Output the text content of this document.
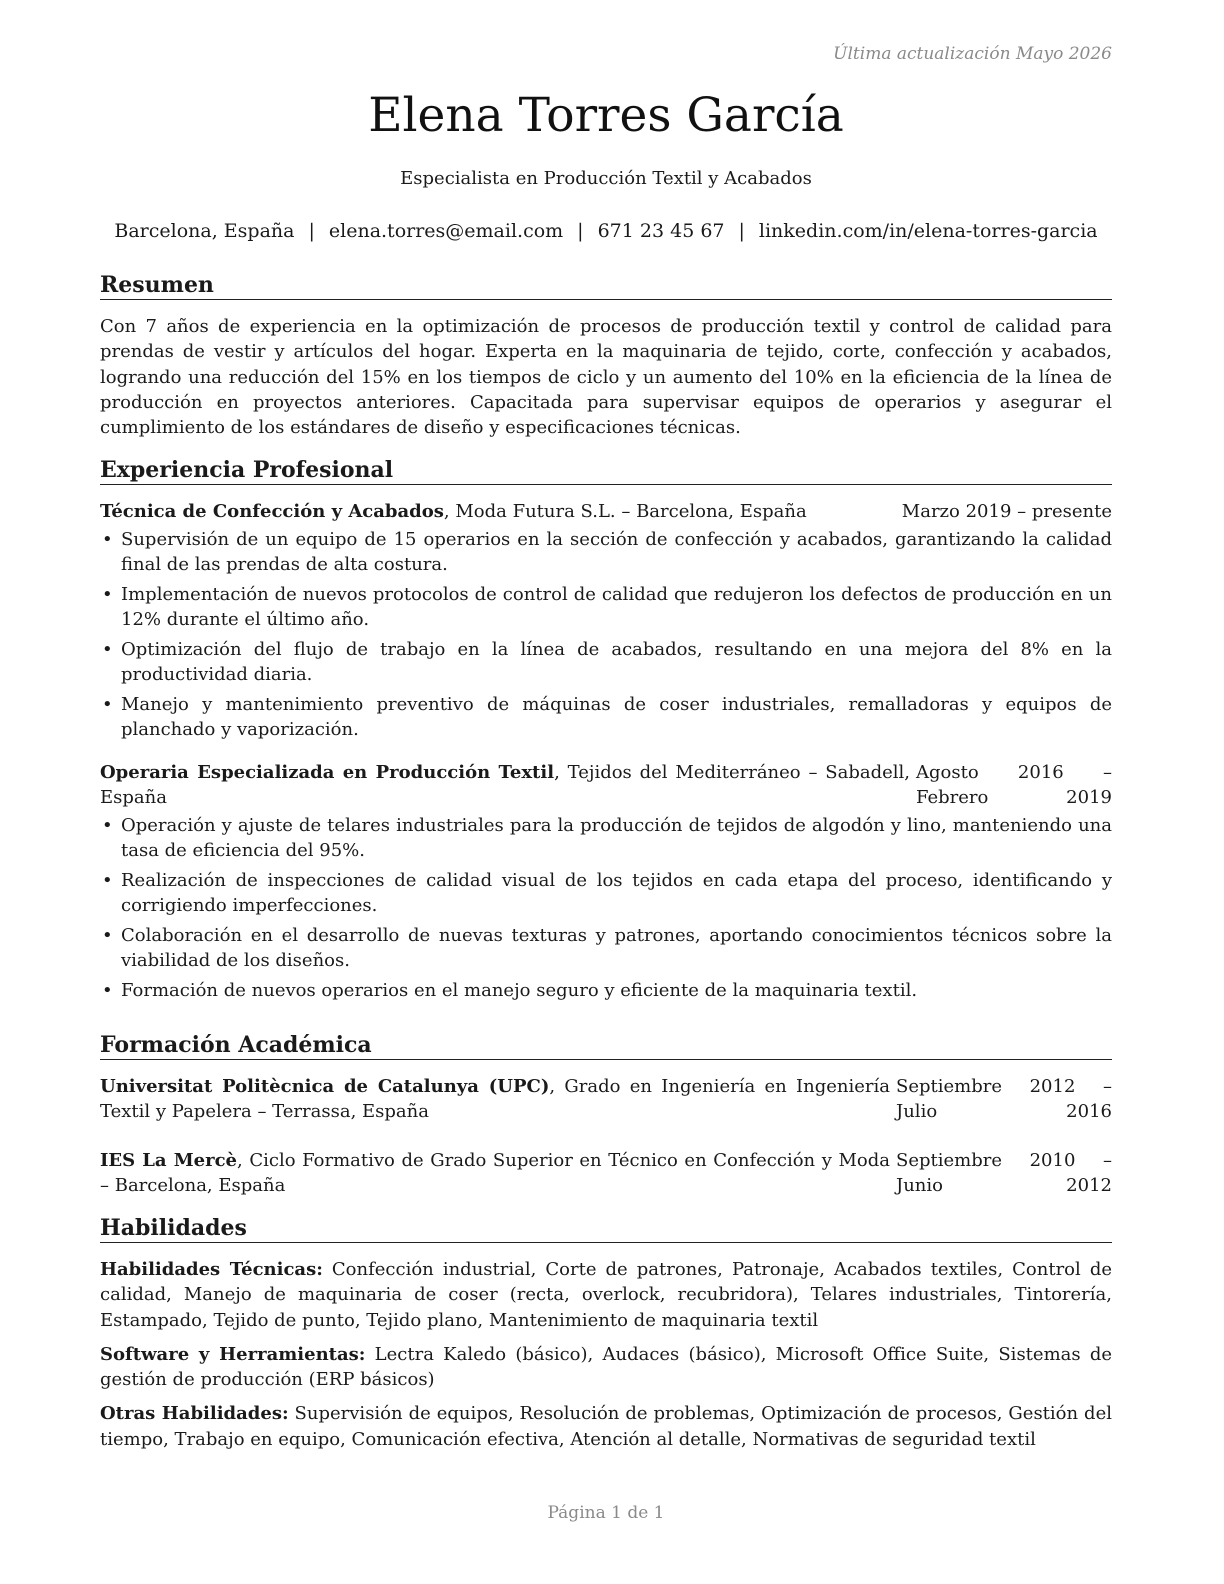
Última actualización Mayo 2026
Elena Torres García
Especialista en Producción Textil y Acabados
Barcelona, España | elena.torres@email.com | 671 23 45 67 | linkedin.com/in/elena-torres-garcia
Resumen

Con 7 años de experiencia en la optimización de procesos de producción textil y control de calidad para prendas de vestir y artículos del hogar. Experta en la maquinaria de tejido, corte, confección y acabados, logrando una reducción del 15% en los tiempos de ciclo y un aumento del 10% en la eficiencia de la línea de producción en proyectos anteriores. Capacitada para supervisar equipos de operarios y asegurar el cumplimiento de los estándares de diseño y especificaciones técnicas.

Experiencia Profesional
Marzo 2019 – presente
Técnica de Confección y Acabados, Moda Futura S.L. – Barcelona, España
• Supervisión de un equipo de 15 operarios en la sección de confección y acabados, garantizando la calidad final de las prendas de alta costura.
• Implementación de nuevos protocolos de control de calidad que redujeron los defectos de producción en un 12% durante el último año.
• Optimización del flujo de trabajo en la línea de acabados, resultando en una mejora del 8% en la productividad diaria.
• Manejo y mantenimiento preventivo de máquinas de coser industriales, remalladoras y equipos de planchado y vaporización.
Operaria Especializada en Producción Textil, Tejidos del Mediterráneo – Sabadell, España
Agosto 2016 – Febrero 2019
• Operación y ajuste de telares industriales para la producción de tejidos de algodón y lino, manteniendo una tasa de eficiencia del 95%.
• Realización de inspecciones de calidad visual de los tejidos en cada etapa del proceso, identificando y corrigiendo imperfecciones.
• Colaboración en el desarrollo de nuevas texturas y patrones, aportando conocimientos técnicos sobre la viabilidad de los diseños.
• Formación de nuevos operarios en el manejo seguro y eficiente de la maquinaria textil.
Formación Académica
Universitat Politècnica de Catalunya (UPC), Grado en Ingeniería en Ingeniería Textil y Papelera – Terrassa, España
Septiembre 2012 – Julio 2016
IES La Mercè, Ciclo Formativo de Grado Superior en Técnico en Confección y Moda – Barcelona, España
Septiembre 2010 – Junio 2012
Habilidades

Habilidades Técnicas: Confección industrial, Corte de patrones, Patronaje, Acabados textiles, Control de calidad, Manejo de maquinaria de coser (recta, overlock, recubridora), Telares industriales, Tintorería, Estampado, Tejido de punto, Tejido plano, Mantenimiento de maquinaria textil

Software y Herramientas: Lectra Kaledo (básico), Audaces (básico), Microsoft Office Suite, Sistemas de gestión de producción (ERP básicos)

Otras Habilidades: Supervisión de equipos, Resolución de problemas, Optimización de procesos, Gestión del tiempo, Trabajo en equipo, Comunicación efectiva, Atención al detalle, Normativas de seguridad textil

Página 1 de 1
